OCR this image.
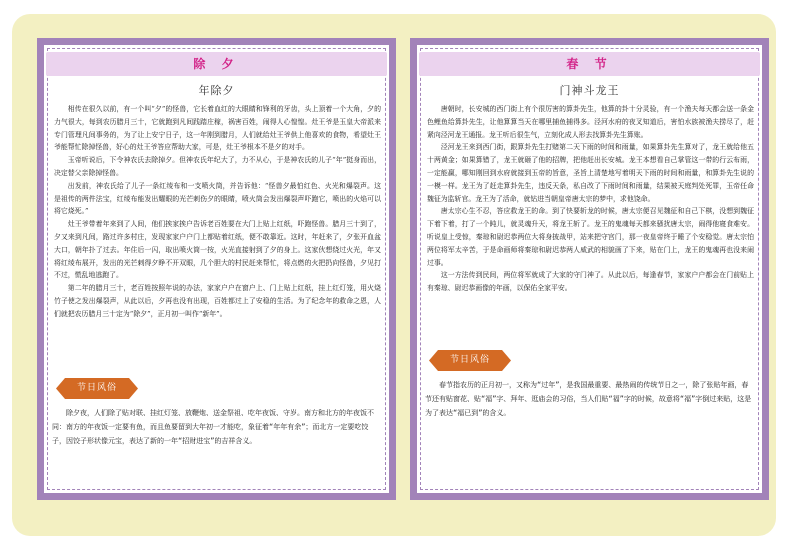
除 夕
年除夕

相传在很久以前，有一个叫“夕”的怪兽，它长着血红的大眼睛和锋利的牙齿，头上顶着一个大角，夕的力气很大，每到农历腊月三十，它就跑到凡间践踏庄稼，祸害百姓，闹得人心惶惶。灶王爷是玉皇大帝派来专门管理凡间事务的，为了让上安宁日子，这一年刚到腊月，人们就给灶王爷供上他喜欢的食物，希望灶王爷能帮忙除掉怪兽，好心的灶王爷答应帮助大家，可是，灶王爷根本不是夕的对手。

玉帝听说后，下令神农氏去除掉夕。但神农氏年纪大了，力不从心，于是神农氏的儿子“年”挺身而出，决定替父亲除掉怪兽。

出发前，神农氏给了儿子一条红绫布和一支喷火筒，并告诉他：“怪兽夕最怕红色、火光和爆裂声。这是祖传的两件法宝，红绫布能发出耀眼的光芒刺伤夕的眼睛，喷火筒会发出爆裂声吓跑它，喷出的火焰可以将它烧死。”

灶王爷带着年来到了人间，他们挨家挨户告诉老百姓要在大门上贴上红纸，吓跑怪兽。腊月三十到了，夕又来到凡间，路过许多村庄，发现家家户户门上都贴着红纸，便不敢靠近。这时，年赶来了，夕张开血盆大口，朝年扑了过去。年住后一闪，取出喷火筒一按，火光直接射到了夕的身上。这家伙想绕过火光，年又将红绫布展开，发出的光芒刺得夕睁不开双眼，几个胆大的村民赶来帮忙，将点燃的火把扔向怪兽，夕见打不过，慌乱地逃跑了。

第二年的腊月三十，老百姓按照年说的办法，家家户户在窗户上、门上贴上红纸，挂上红灯笼，用火烧竹子使之发出爆裂声，从此以后，夕再也没有出现，百姓都过上了安稳的生活。为了纪念年的救命之恩，人们就把农历腊月三十定为“除夕”，正月初一叫作“新年”。

节日风俗

除夕夜，人们除了贴对联、挂红灯笼、放鞭炮、送金祭祖、吃年夜饭、守岁。南方和北方的年夜饭不同：南方的年夜饭一定要有鱼，而且鱼要留到大年初一才能吃，象征着“年年有余”；而北方一定要吃饺子，因饺子形状像元宝，表达了新的一年“招财进宝”的吉祥含义。

春 节
门神斗龙王

唐朝时，长安城的西门街上有个很厉害的算卦先生，他算的卦十分灵验，有一个渔夫每天都会送一条金色鲤鱼给算卦先生，让他算算当天在哪里捕鱼捕得多。泾河水府的夜叉知道后，害怕水族被渔夫捞尽了，赶紧向泾河龙王通报。龙王听后很生气，立刻化成人形去找算卦先生算账。

泾河龙王来到西门街，跟算卦先生打赌第二天下雨的时间和雨量，如果算卦先生算对了，龙王就给他五十两黄金；如果算错了，龙王就砸了他的招牌，把他赶出长安城。龙王本想看自己掌管这一带的行云布雨，一定能赢，哪知刚回到水府就接到玉帝的旨意，圣旨上清楚地写着明天下雨的时间和雨量，和算卦先生说的一模一样。龙王为了赶走算卦先生，违反天条，私自改了下雨时间和雨量，结果被天庭判处死罪，玉帝任命魏征为监斩官。龙王为了活命，就钻进当朝皇帝唐太宗的梦中，求他饶命。

唐太宗心生不忍，答应救龙王的命。到了快要斩龙的时候，唐太宗便召见魏征和自己下棋，没想到魏征下着下着，打了一个盹儿，就灵魂升天，将龙王斩了。龙王的鬼魂每天都来骚扰唐太宗，闹得他寝食难安。听说皇上受惊，秦琼和尉迟恭两位大将身披战甲，站来把守宫门，那一夜皇帝终于睡了个安稳觉。唐太宗怕两位将军太辛苦，于是命画师将秦琼和尉迟恭两人威武的相貌画了下来，贴在门上，龙王的鬼魂再也没来闹过事。

这一方法传到民间，两位将军就成了大家的守门神了。从此以后，每逢春节，家家户户都会在门前贴上有秦琼、尉迟恭画像的年画，以保佑全家平安。

节日风俗

春节指农历的正月初一，又称为“过年”，是我国最重要、最热闹的传统节日之一，除了张贴年画，春节还有贴窗花、贴“福”字、拜年、逛庙会的习俗，当人们贴“福”字的时候，故意将“福”字倒过来贴，这是为了表达“福已到”的含义。
